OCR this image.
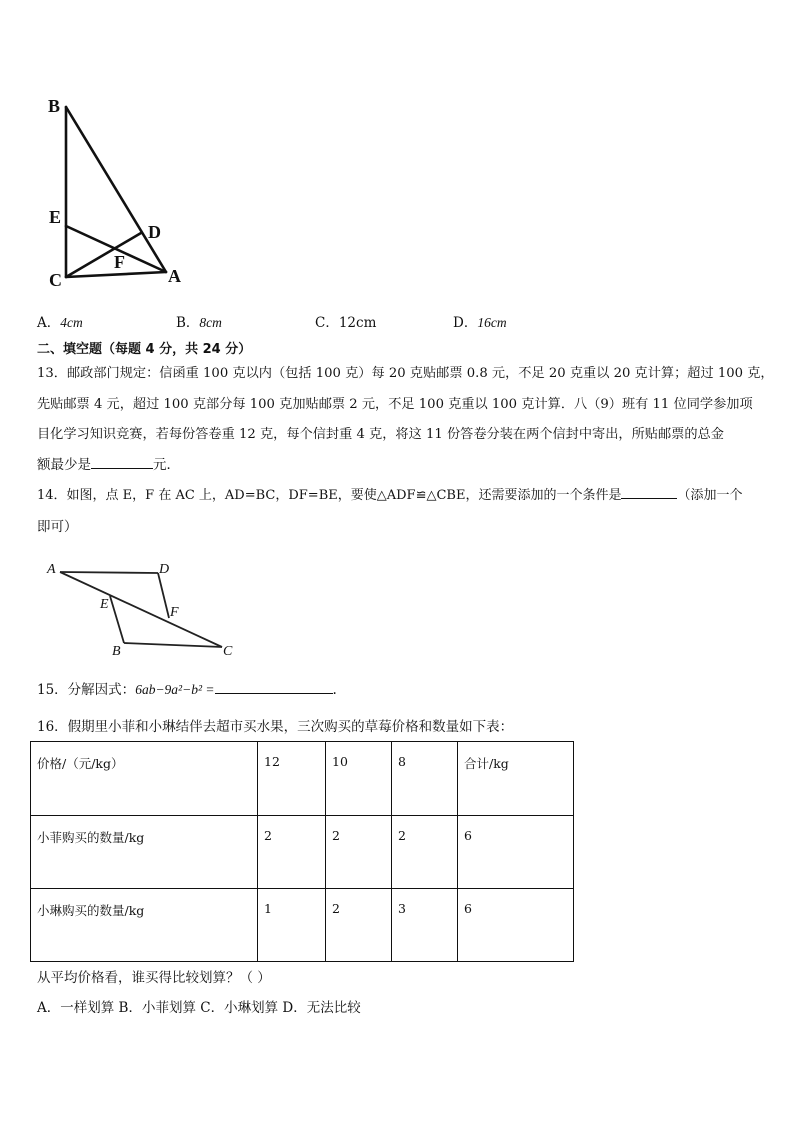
B
E
D
F
C	A
A．4cm	B．8cm	C．12cm	D．16cm
二、填空题（每题 4 分，共 24 分）
13．邮政部门规定：信函重 100 克以内（包括 100 克）每 20 克贴邮票 0.8 元，不足 20 克重以 20 克计算；超过 100 克，
先贴邮票 4 元，超过 100 克部分每 100 克加贴邮票 2 元，不足 100 克重以 100 克计算．八（9）班有 11 位同学参加项
目化学习知识竞赛，若每份答卷重 12 克，每个信封重 4 克，将这 11 份答卷分装在两个信封中寄出，所贴邮票的总金
额最少是	元．
14．如图，点 E，F 在 AC 上，AD=BC，DF=BE，要使△ADF≌△CBE，还需要添加的一个条件是	（添加一个
即可）
A	D
E
F
B	C
15．分解因式：6ab−9a²−b² =	.
16．假期里小菲和小琳结伴去超市买水果，三次购买的草莓价格和数量如下表：
价格/（元/kg）	12	10	8	合计/kg
小菲购买的数量/kg	2	2	2	6
小琳购买的数量/kg	1	2	3	6
从平均价格看，谁买得比较划算？（ ）
A．一样划算 B．小菲划算 C．小琳划算 D．无法比较
